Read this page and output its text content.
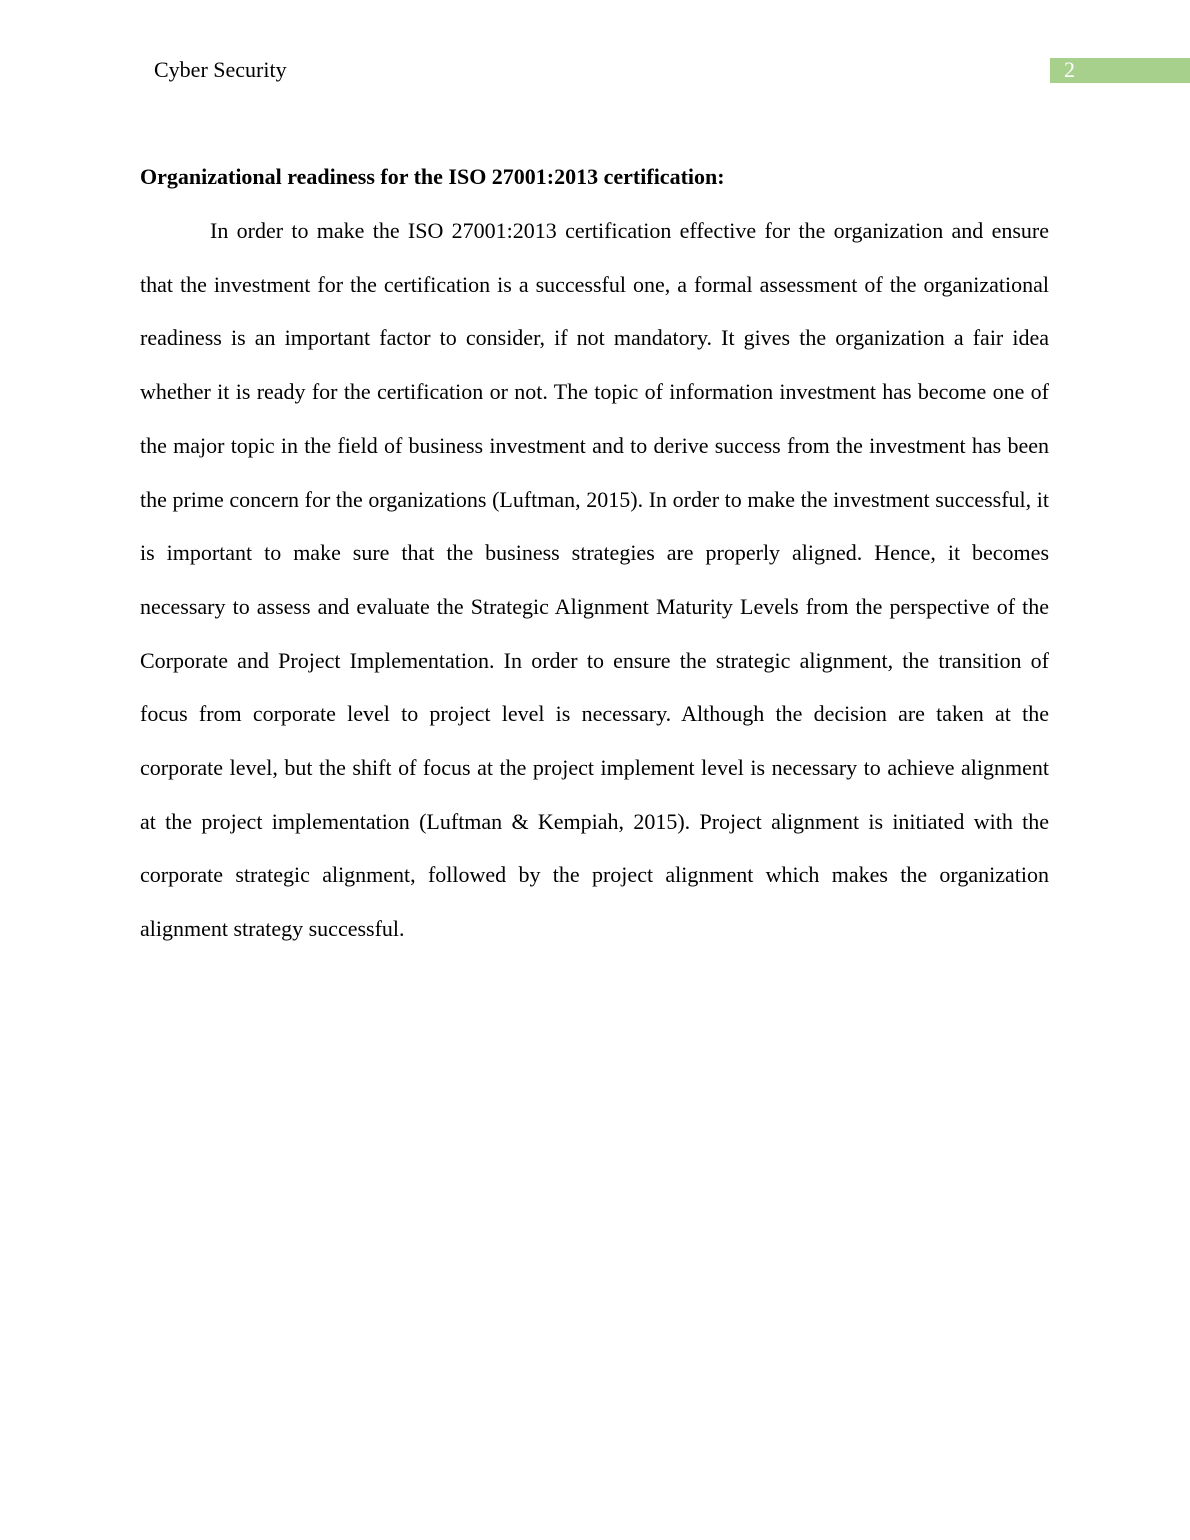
Cyber Security	2
Organizational readiness for the ISO 27001:2013 certification:

In order to make the ISO 27001:2013 certification effective for the organization and ensure that the investment for the certification is a successful one, a formal assessment of the organizational readiness is an important factor to consider, if not mandatory. It gives the organization a fair idea whether it is ready for the certification or not. The topic of information investment has become one of the major topic in the field of business investment and to derive success from the investment has been the prime concern for the organizations (Luftman, 2015). In order to make the investment successful, it is important to make sure that the business strategies are properly aligned. Hence, it becomes necessary to assess and evaluate the Strategic Alignment Maturity Levels from the perspective of the Corporate and Project Implementation. In order to ensure the strategic alignment, the transition of focus from corporate level to project level is necessary. Although the decision are taken at the corporate level, but the shift of focus at the project implement level is necessary to achieve alignment at the project implementation (Luftman & Kempiah, 2015). Project alignment is initiated with the corporate strategic alignment, followed by the project alignment which makes the organization alignment strategy successful.
